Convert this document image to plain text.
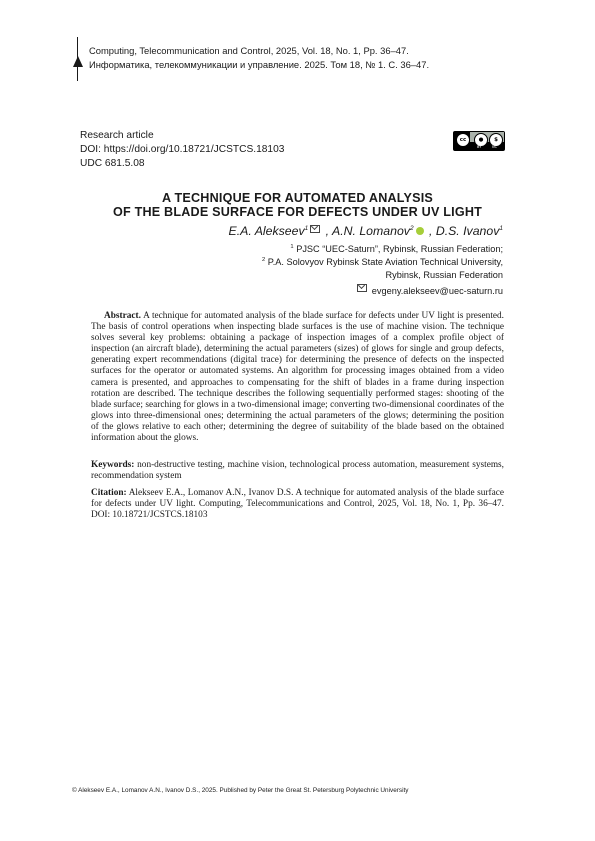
Computing, Telecommunication and Control, 2025, Vol. 18, No. 1, Pp. 36–47.
Информатика, телекоммуникации и управление. 2025. Том 18, № 1. С. 36–47.
Research article
DOI: https://doi.org/10.18721/JCSTCS.18103
UDC 681.5.08
cc	●	$
BY	NC
A TECHNIQUE FOR AUTOMATED ANALYSIS
OF THE BLADE SURFACE FOR DEFECTS UNDER UV LIGHT
E.A. Alekseev$^1$ , A.N. Lomanov$^2$ , D.S. Ivanov$^1$
$^1$ PJSC “UEC-Saturn”, Rybinsk, Russian Federation;
$^2$ P.A. Solovyov Rybinsk State Aviation Technical University,
Rybinsk, Russian Federation
evgeny.alekseev@uec-saturn.ru
Abstract. A technique for automated analysis of the blade surface for defects under UV light is presented. The basis of control operations when inspecting blade surfaces is the use of machine vision. The technique solves several key problems: obtaining a package of inspection images of a complex profile object of inspection (an aircraft blade), determining the actual parameters (sizes) of glows for single and group defects, generating expert recommendations (digital trace) for determining the presence of defects on the inspected surfaces for the operator or automated systems. An algorithm for processing images obtained from a video camera is presented, and approaches to compensating for the shift of blades in a frame during inspection rotation are described. The technique describes the following sequentially performed stages: shooting of the blade surface; searching for glows in a two-dimensional image; converting two-dimensional coordinates of the glows into three-dimensional ones; determining the actual parameters of the glows; determining the position of the glows relative to each other; determining the degree of suitability of the blade based on the obtained information about the glows.
Keywords: non-destructive testing, machine vision, technological process automation, measurement systems, recommendation system
Citation: Alekseev E.A., Lomanov A.N., Ivanov D.S. A technique for automated analysis of the blade surface for defects under UV light. Computing, Telecommunications and Control, 2025, Vol. 18, No. 1, Pp. 36–47. DOI: 10.18721/JCSTCS.18103
© Alekseev E.A., Lomanov A.N., Ivanov D.S., 2025. Published by Peter the Great St. Petersburg Polytechnic University
